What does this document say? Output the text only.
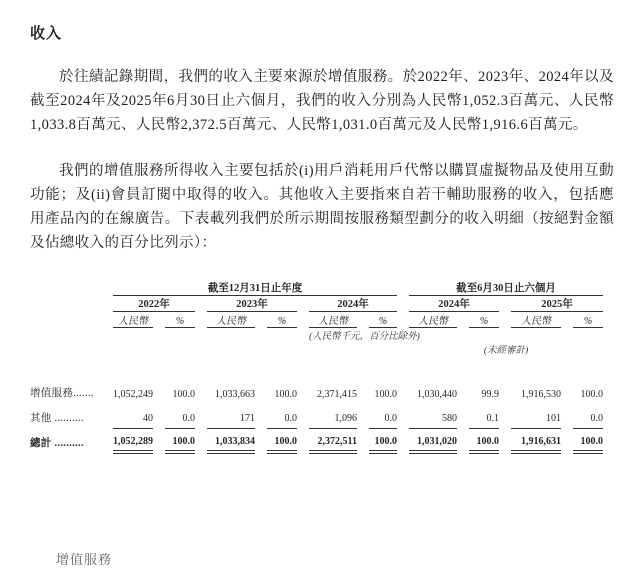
收入

於往績記錄期間，我們的收入主要來源於增值服務。於2022年、2023年、2024年以及截至2024年及2025年6月30日止六個月，我們的收入分別為人民幣1,052.3百萬元、人民幣1,033.8百萬元、人民幣2,372.5百萬元、人民幣1,031.0百萬元及人民幣1,916.6百萬元。

我們的增值服務所得收入主要包括於(i)用戶消耗用戶代幣以購買虛擬物品及使用互動功能；及(ii)會員訂閱中取得的收入。其他收入主要指來自若干輔助服務的收入，包括應用產品內的在線廣告。下表載列我們於所示期間按服務類型劃分的收入明細（按絕對金額及佔總收入的百分比列示）：

	截至12月31日止年度						截至6月30日止六個月			
	2022年		2023年		2024年		2024年		2025年	
	人民幣	%	人民幣	%	人民幣	%	人民幣	%	人民幣	%
					(人民幣千元，百分比除外)					
							(未經審計)			

增值服務.......	1,052,249	100.0	1,033,663	100.0	2,371,415	100.0	1,030,440	99.9	1,916,530	100.0
其他 ..........	40	0.0	171	0.0	1,096	0.0	580	0.1	101	0.0
總計 ..........	1,052,289	100.0	1,033,834	100.0	2,372,511	100.0	1,031,020	100.0	1,916,631	100.0
增值服務
